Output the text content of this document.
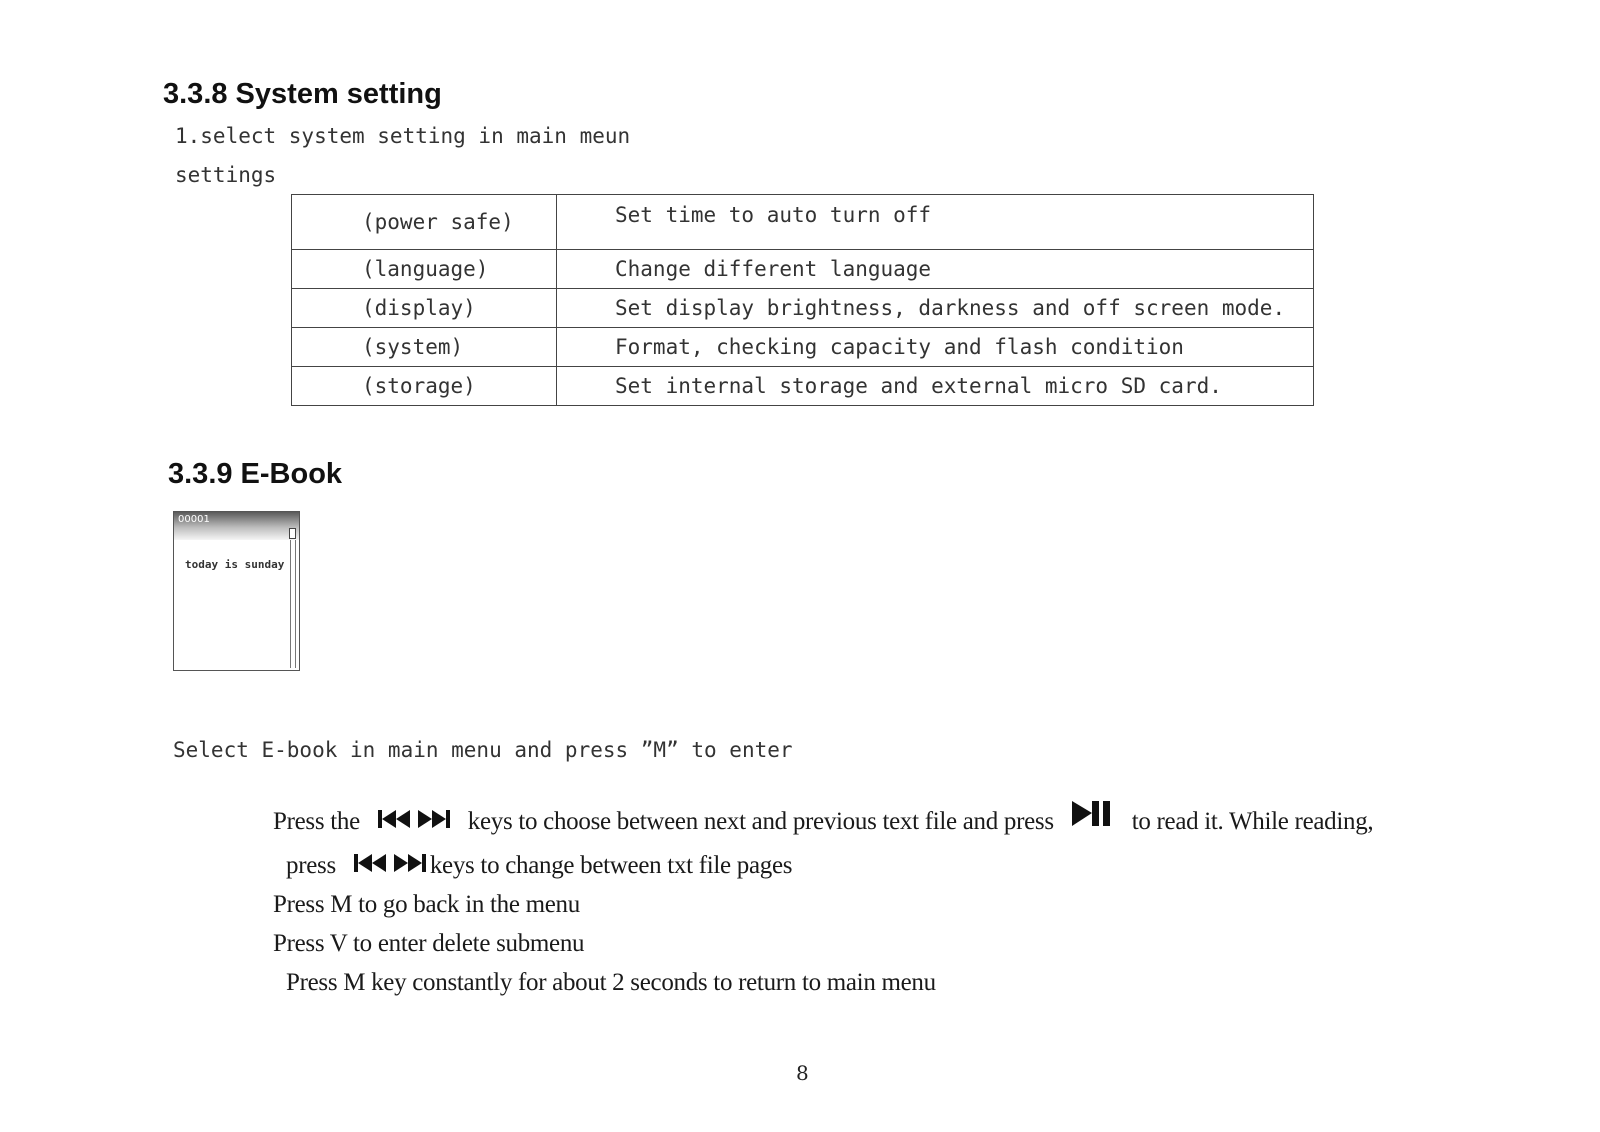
3.3.8 System setting
1.select system setting in main meun
settings
(power safe)	Set time to auto turn off
(language)	Change different language
(display)	Set display brightness, darkness and off screen mode.
(system)	Format, checking capacity and flash condition
(storage)	Set internal storage and external micro SD card.
3.3.9 E-Book
00001
today is sunday
Select E-book in main menu and press ”M” to enter
Press the	keys to choose between next and previous text file and press	to read it. While reading,
press	keys to change between txt file pages
Press M to go back in the menu
Press V to enter delete submenu
Press M key constantly for about 2 seconds to return to main menu
8
